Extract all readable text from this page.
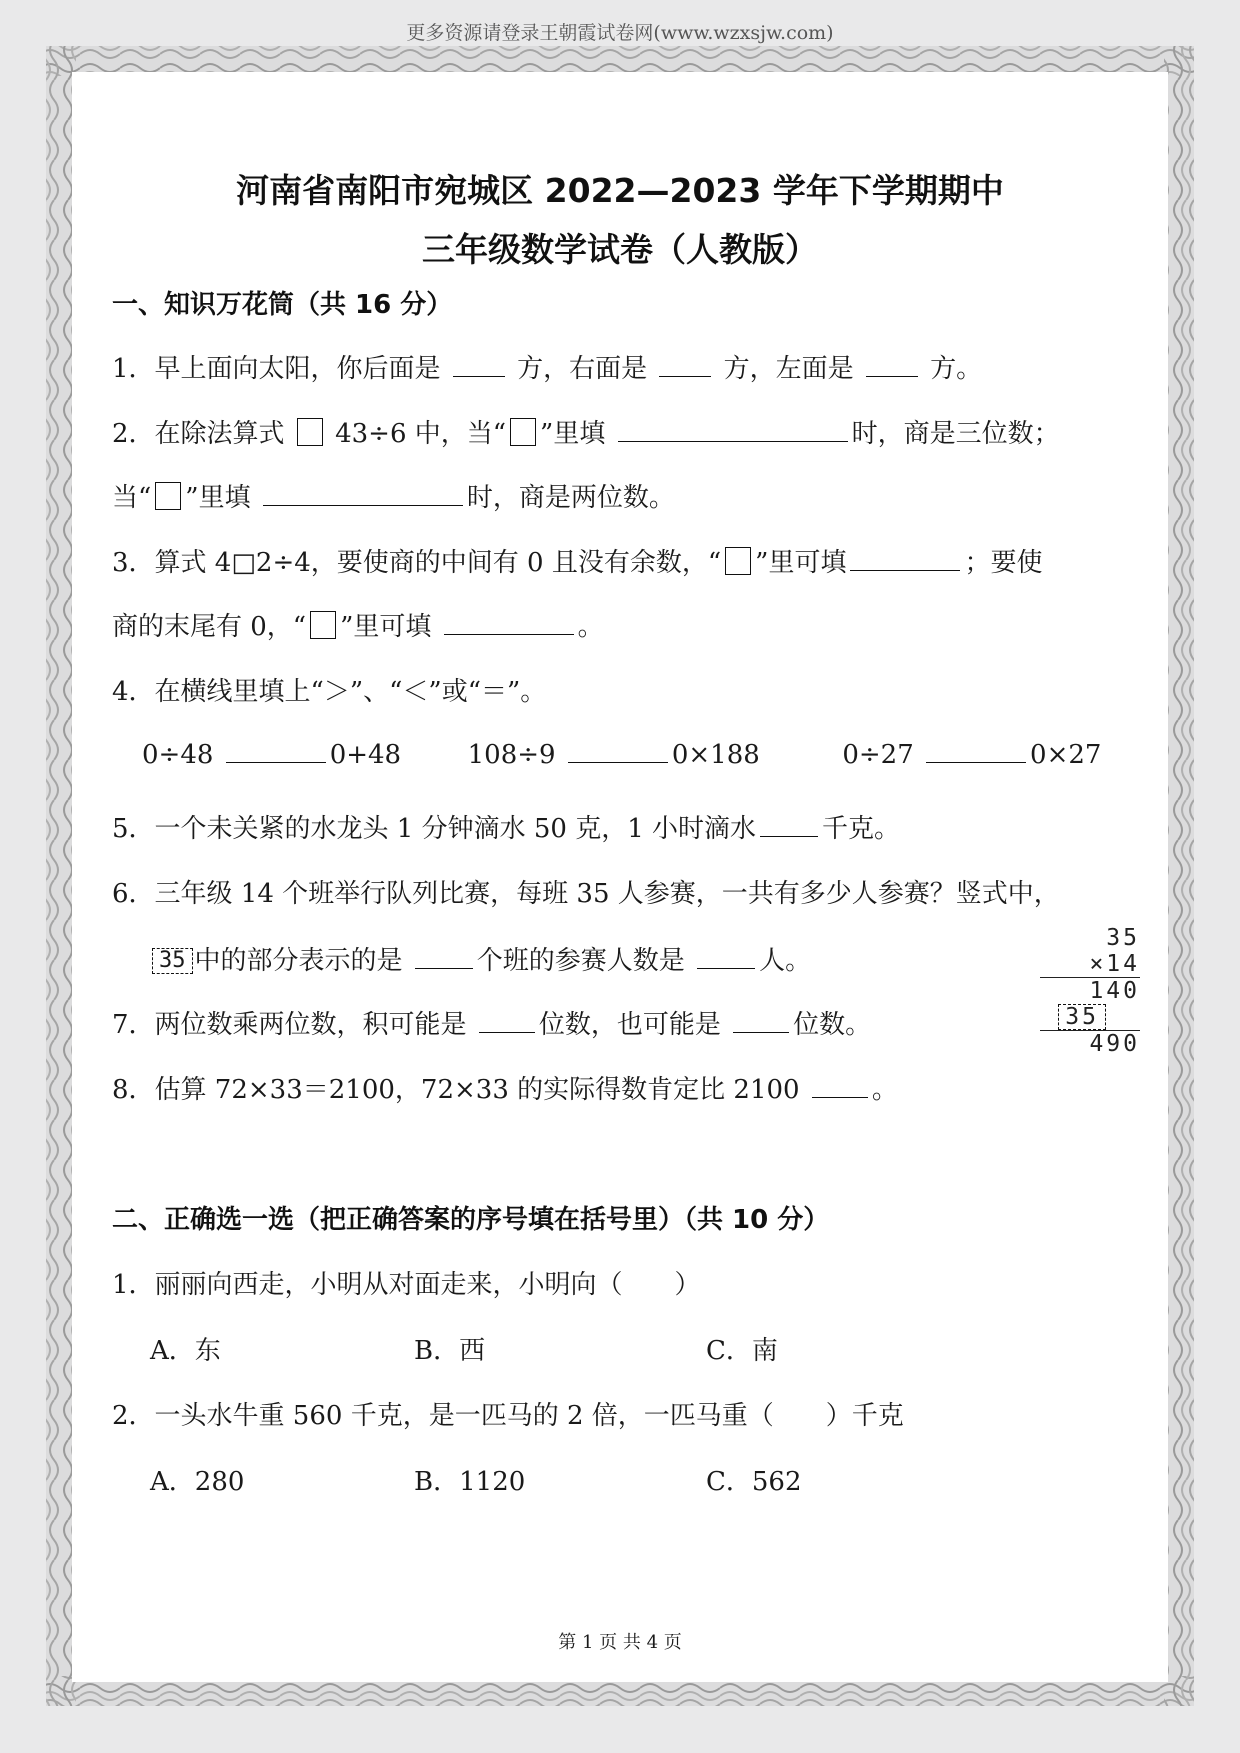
更多资源请登录王朝霞试卷网(www.wzxsjw.com)
河南省南阳市宛城区 2022—2023 学年下学期期中
三年级数学试卷（人教版）
一、知识万花筒（共 16 分）
1．早上面向太阳，你后面是	方，右面是	方，左面是	方。
2．在除法算式 43÷6 中，当“ ”里填	时，商是三位数；
当“ ”里填	时，商是两位数。
3．算式 4□2÷4，要使商的中间有 0 且没有余数，“ ”里可填	；要使
商的末尾有 0，“ ”里可填	。
4．在横线里填上“＞”、“＜”或“＝”。
0÷48	0+48	108÷9	0×188	0÷27	0×27
5．一个未关紧的水龙头 1 分钟滴水 50 克，1 小时滴水	千克。
6．三年级 14 个班举行队列比赛，每班 35 人参赛，一共有多少人参赛？竖式中，
35 中的部分表示的是	个班的参赛人数是	人。
35
×14
140
35
490
7．两位数乘两位数，积可能是	位数，也可能是	位数。
8．估算 72×33＝2100，72×33 的实际得数肯定比 2100	。
二、正确选一选（把正确答案的序号填在括号里）（共 10 分）
1．丽丽向西走，小明从对面走来，小明向（　　）
A．东	B．西	C．南
2．一头水牛重 560 千克，是一匹马的 2 倍，一匹马重（　　）千克
A．280	B．1120	C．562
第 1 页 共 4 页
